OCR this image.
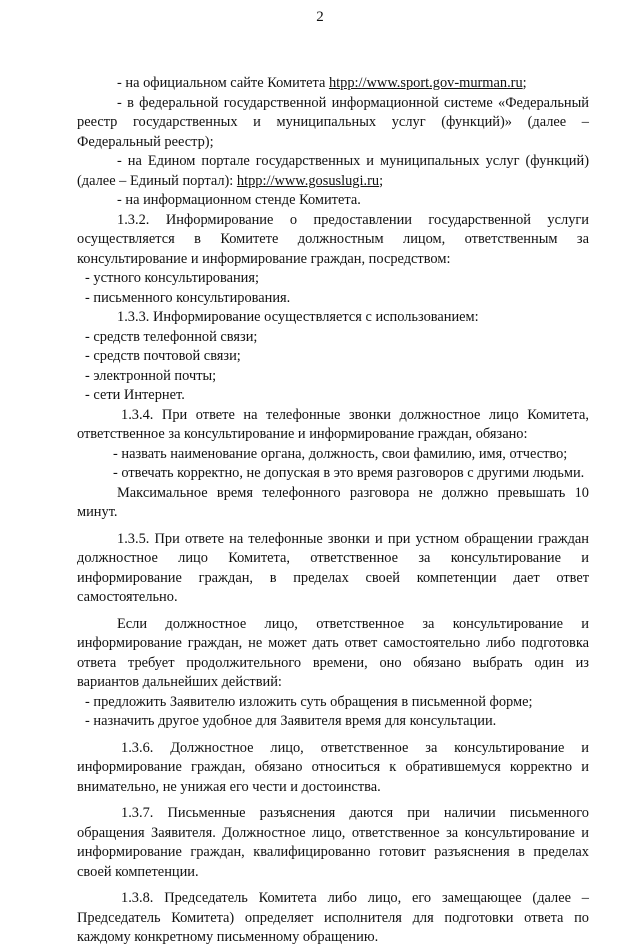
2

- на официальном сайте Комитета htpp://www.sport.gov-murman.ru;

- в федеральной государственной информационной системе «Федеральный реестр государственных и муниципальных услуг (функций)» (далее – Федеральный реестр);

- на Едином портале государственных и муниципальных услуг (функций) (далее – Единый портал): htpp://www.gosuslugi.ru;

- на информационном стенде Комитета.

1.3.2. Информирование о предоставлении государственной услуги осуществляется в Комитете должностным лицом, ответственным за консультирование и информирование граждан, посредством:

- устного консультирования;
- письменного консультирования.

1.3.3. Информирование осуществляется с использованием:

- средств телефонной связи;
- средств почтовой связи;
- электронной почты;
- сети Интернет.

1.3.4. При ответе на телефонные звонки должностное лицо Комитета, ответственное за консультирование и информирование граждан, обязано:

- назвать наименование органа, должность, свои фамилию, имя, отчество;

- отвечать корректно, не допуская в это время разговоров с другими людьми.

Максимальное время телефонного разговора не должно превышать 10 минут.

1.3.5. При ответе на телефонные звонки и при устном обращении граждан должностное лицо Комитета, ответственное за консультирование и информирование граждан, в пределах своей компетенции дает ответ самостоятельно.

Если должностное лицо, ответственное за консультирование и информирование граждан, не может дать ответ самостоятельно либо подготовка ответа требует продолжительного времени, оно обязано выбрать один из вариантов дальнейших действий:

- предложить Заявителю изложить суть обращения в письменной форме;
- назначить другое удобное для Заявителя время для консультации.

1.3.6. Должностное лицо, ответственное за консультирование и информирование граждан, обязано относиться к обратившемуся корректно и внимательно, не унижая его чести и достоинства.

1.3.7. Письменные разъяснения даются при наличии письменного обращения Заявителя. Должностное лицо, ответственное за консультирование и информирование граждан, квалифицированно готовит разъяснения в пределах своей компетенции.

1.3.8. Председатель Комитета либо лицо, его замещающее (далее – Председатель Комитета) определяет исполнителя для подготовки ответа по каждому конкретному письменному обращению.
